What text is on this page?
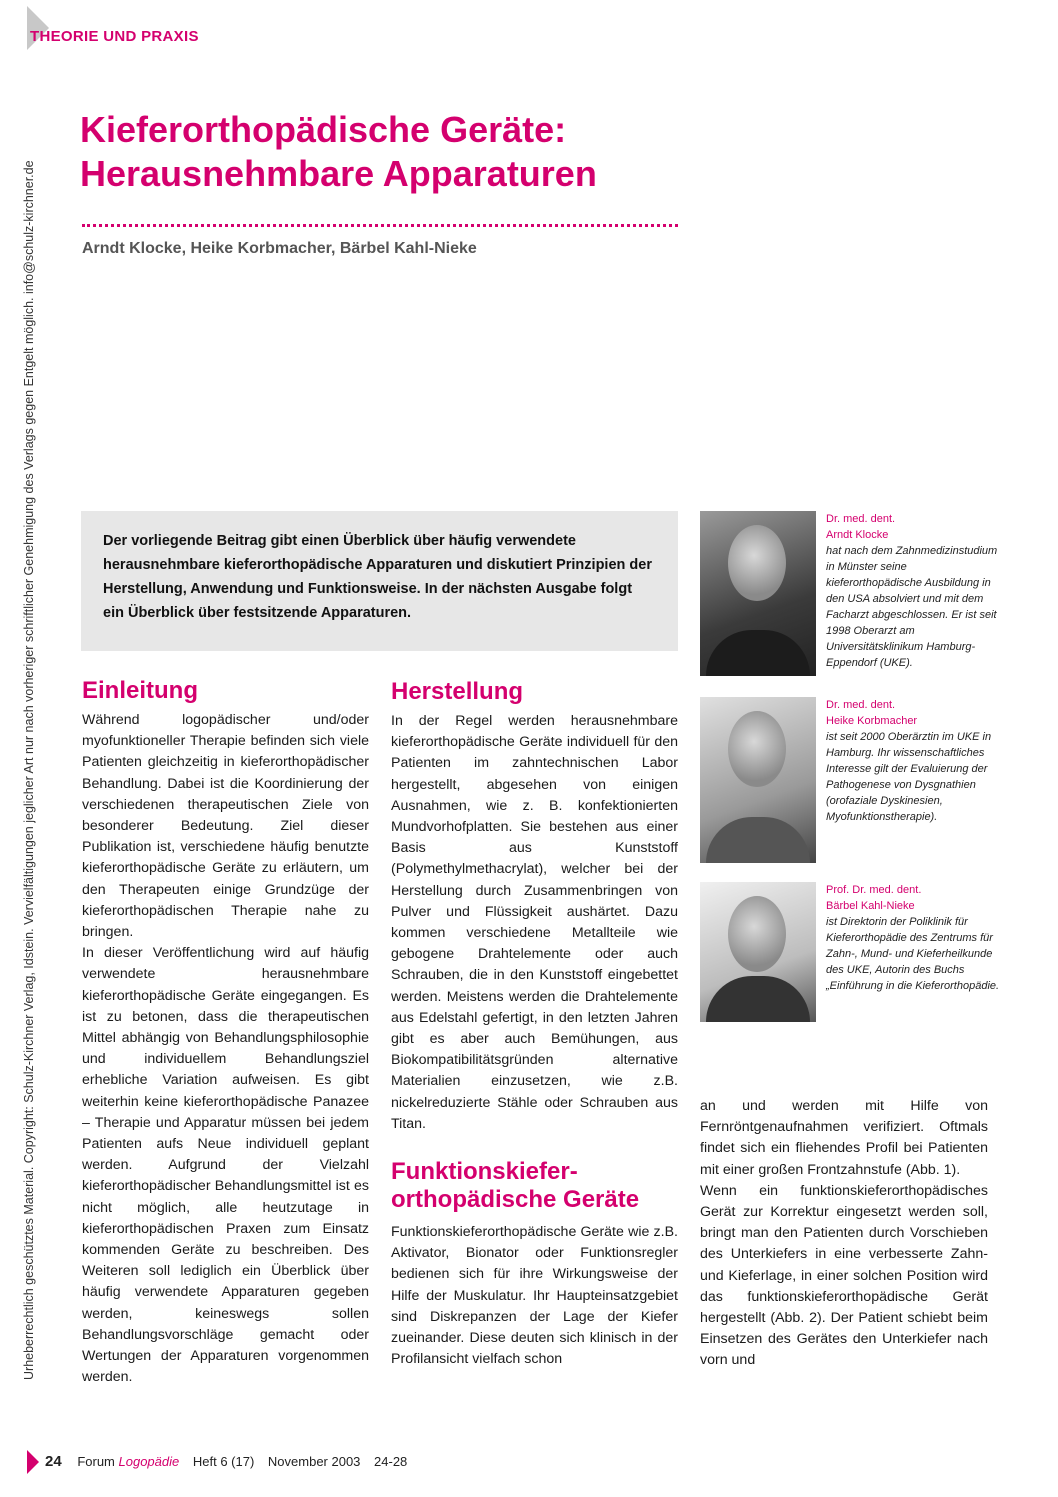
THEORIE UND PRAXIS
Urheberrechtlich geschütztes Material. Copyright: Schulz-Kirchner Verlag, Idstein. Vervielfältigungen jeglicher Art nur nach vorheriger schriftlicher Genehmigung des Verlags gegen Entgelt möglich. info@schulz-kirchner.de
Kieferorthopädische Geräte:
Herausnehmbare Apparaturen
Arndt Klocke, Heike Korbmacher, Bärbel Kahl-Nieke
Der vorliegende Beitrag gibt einen Überblick über häufig verwendete herausnehmbare kieferorthopädische Apparaturen und diskutiert Prinzipien der Herstellung, Anwendung und Funktionsweise. In der nächsten Ausgabe folgt ein Überblick über festsitzende Apparaturen.
Dr. med. dent.
Arndt Klocke
hat nach dem Zahnmedizinstudium in Münster seine kieferorthopädische Ausbildung in den USA absolviert und mit dem Facharzt abgeschlossen. Er ist seit 1998 Oberarzt am Universitätsklinikum Hamburg-Eppendorf (UKE).
Dr. med. dent.
Heike Korbmacher
ist seit 2000 Oberärztin im UKE in Hamburg. Ihr wissenschaftliches Interesse gilt der Evaluierung der Pathogenese von Dysgnathien (orofaziale Dyskinesien, Myofunktionstherapie).
Prof. Dr. med. dent.
Bärbel Kahl-Nieke
ist Direktorin der Poliklinik für Kieferorthopädie des Zentrums für Zahn-, Mund- und Kieferheilkunde des UKE, Autorin des Buchs „Einführung in die Kieferorthopädie.
Einleitung

Während logopädischer und/oder myofunktioneller Therapie befinden sich viele Patienten gleichzeitig in kieferorthopädischer Behandlung. Dabei ist die Koordinierung der verschiedenen therapeutischen Ziele von besonderer Bedeutung. Ziel dieser Publikation ist, verschiedene häufig benutzte kieferorthopädische Geräte zu erläutern, um den Therapeuten einige Grundzüge der kieferorthopädischen Therapie nahe zu bringen.

In dieser Veröffentlichung wird auf häufig verwendete herausnehmbare kieferorthopädische Geräte eingegangen. Es ist zu betonen, dass die therapeutischen Mittel abhängig von Behandlungsphilosophie und individuellem Behandlungsziel erhebliche Variation aufweisen. Es gibt weiterhin keine kieferorthopädische Panazee – Therapie und Apparatur müssen bei jedem Patienten aufs Neue individuell geplant werden. Aufgrund der Vielzahl kieferorthopädischer Behandlungsmittel ist es nicht möglich, alle heutzutage in kieferorthopädischen Praxen zum Einsatz kommenden Geräte zu beschreiben. Des Weiteren soll lediglich ein Überblick über häufig verwendete Apparaturen gegeben werden, keineswegs sollen Behandlungsvorschläge gemacht oder Wertungen der Apparaturen vorgenommen werden.

Herstellung

In der Regel werden herausnehmbare kieferorthopädische Geräte individuell für den Patienten im zahntechnischen Labor hergestellt, abgesehen von einigen Ausnahmen, wie z. B. konfektionierten Mundvorhofplatten. Sie bestehen aus einer Basis aus Kunststoff (Polymethylmethacrylat), welcher bei der Herstellung durch Zusammenbringen von Pulver und Flüssigkeit aushärtet. Dazu kommen verschiedene Metallteile wie gebogene Drahtelemente oder auch Schrauben, die in den Kunststoff eingebettet werden. Meistens werden die Drahtelemente aus Edelstahl gefertigt, in den letzten Jahren gibt es aber auch Bemühungen, aus Biokompatibilitätsgründen alternative Materialien einzusetzen, wie z.B. nickelreduzierte Stähle oder Schrauben aus Titan.

Funktionskiefer-
orthopädische Geräte

Funktionskieferorthopädische Geräte wie z.B. Aktivator, Bionator oder Funktionsregler bedienen sich für ihre Wirkungsweise der Hilfe der Muskulatur. Ihr Haupteinsatzgebiet sind Diskrepanzen der Lage der Kiefer zueinander. Diese deuten sich klinisch in der Profilansicht vielfach schon

an und werden mit Hilfe von Fernröntgenaufnahmen verifiziert. Oftmals findet sich ein fliehendes Profil bei Patienten mit einer großen Frontzahnstufe (Abb. 1).

Wenn ein funktionskieferorthopädisches Gerät zur Korrektur eingesetzt werden soll, bringt man den Patienten durch Vorschieben des Unterkiefers in eine verbesserte Zahn- und Kieferlage, in einer solchen Position wird das funktionskieferorthopädische Gerät hergestellt (Abb. 2). Der Patient schiebt beim Einsetzen des Gerätes den Unterkiefer nach vorn und

24 Forum Logopädie Heft 6 (17) November 2003 24-28
